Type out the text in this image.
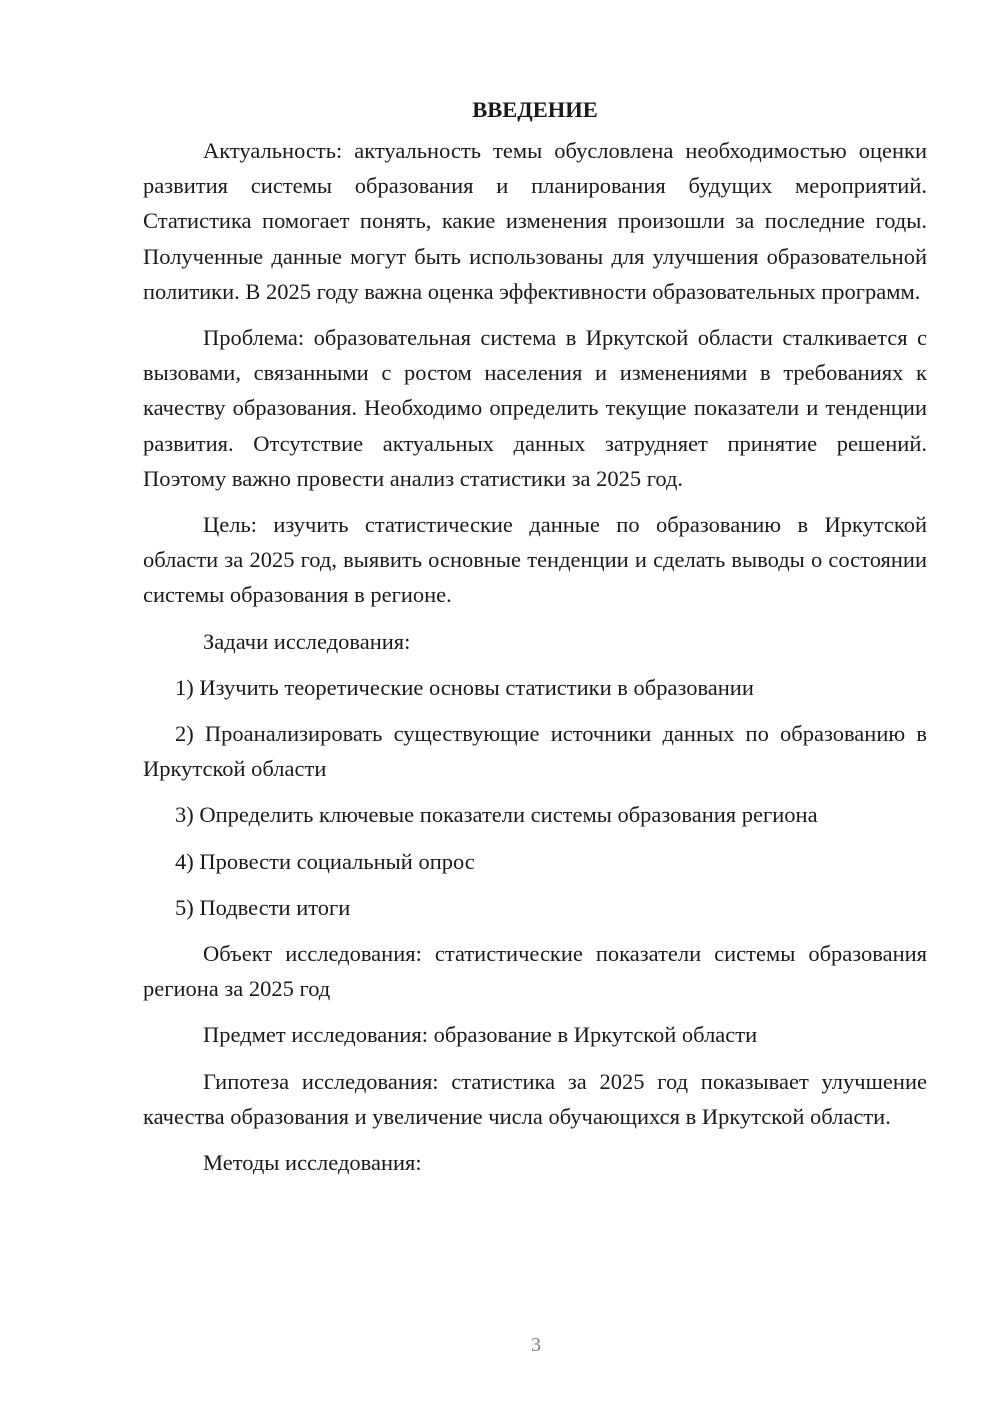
ВВЕДЕНИЕ

Актуальность: актуальность темы обусловлена необходимостью оценки развития системы образования и планирования будущих мероприятий. Статистика помогает понять, какие изменения произошли за последние годы. Полученные данные могут быть использованы для улучшения образовательной политики. В 2025 году важна оценка эффективности образовательных программ.

Проблема: образовательная система в Иркутской области сталкивается с вызовами, связанными с ростом населения и изменениями в требованиях к качеству образования. Необходимо определить текущие показатели и тенденции развития. Отсутствие актуальных данных затрудняет принятие решений. Поэтому важно провести анализ статистики за 2025 год.

Цель: изучить статистические данные по образованию в Иркутской области за 2025 год, выявить основные тенденции и сделать выводы о состоянии системы образования в регионе.

Задачи исследования:

1) Изучить теоретические основы статистики в образовании

2) Проанализировать существующие источники данных по образованию в Иркутской области

3) Определить ключевые показатели системы образования региона

4) Провести социальный опрос

5) Подвести итоги

Объект исследования: статистические показатели системы образования региона за 2025 год

Предмет исследования: образование в Иркутской области

Гипотеза исследования: статистика за 2025 год показывает улучшение качества образования и увеличение числа обучающихся в Иркутской области.

Методы исследования:

3
